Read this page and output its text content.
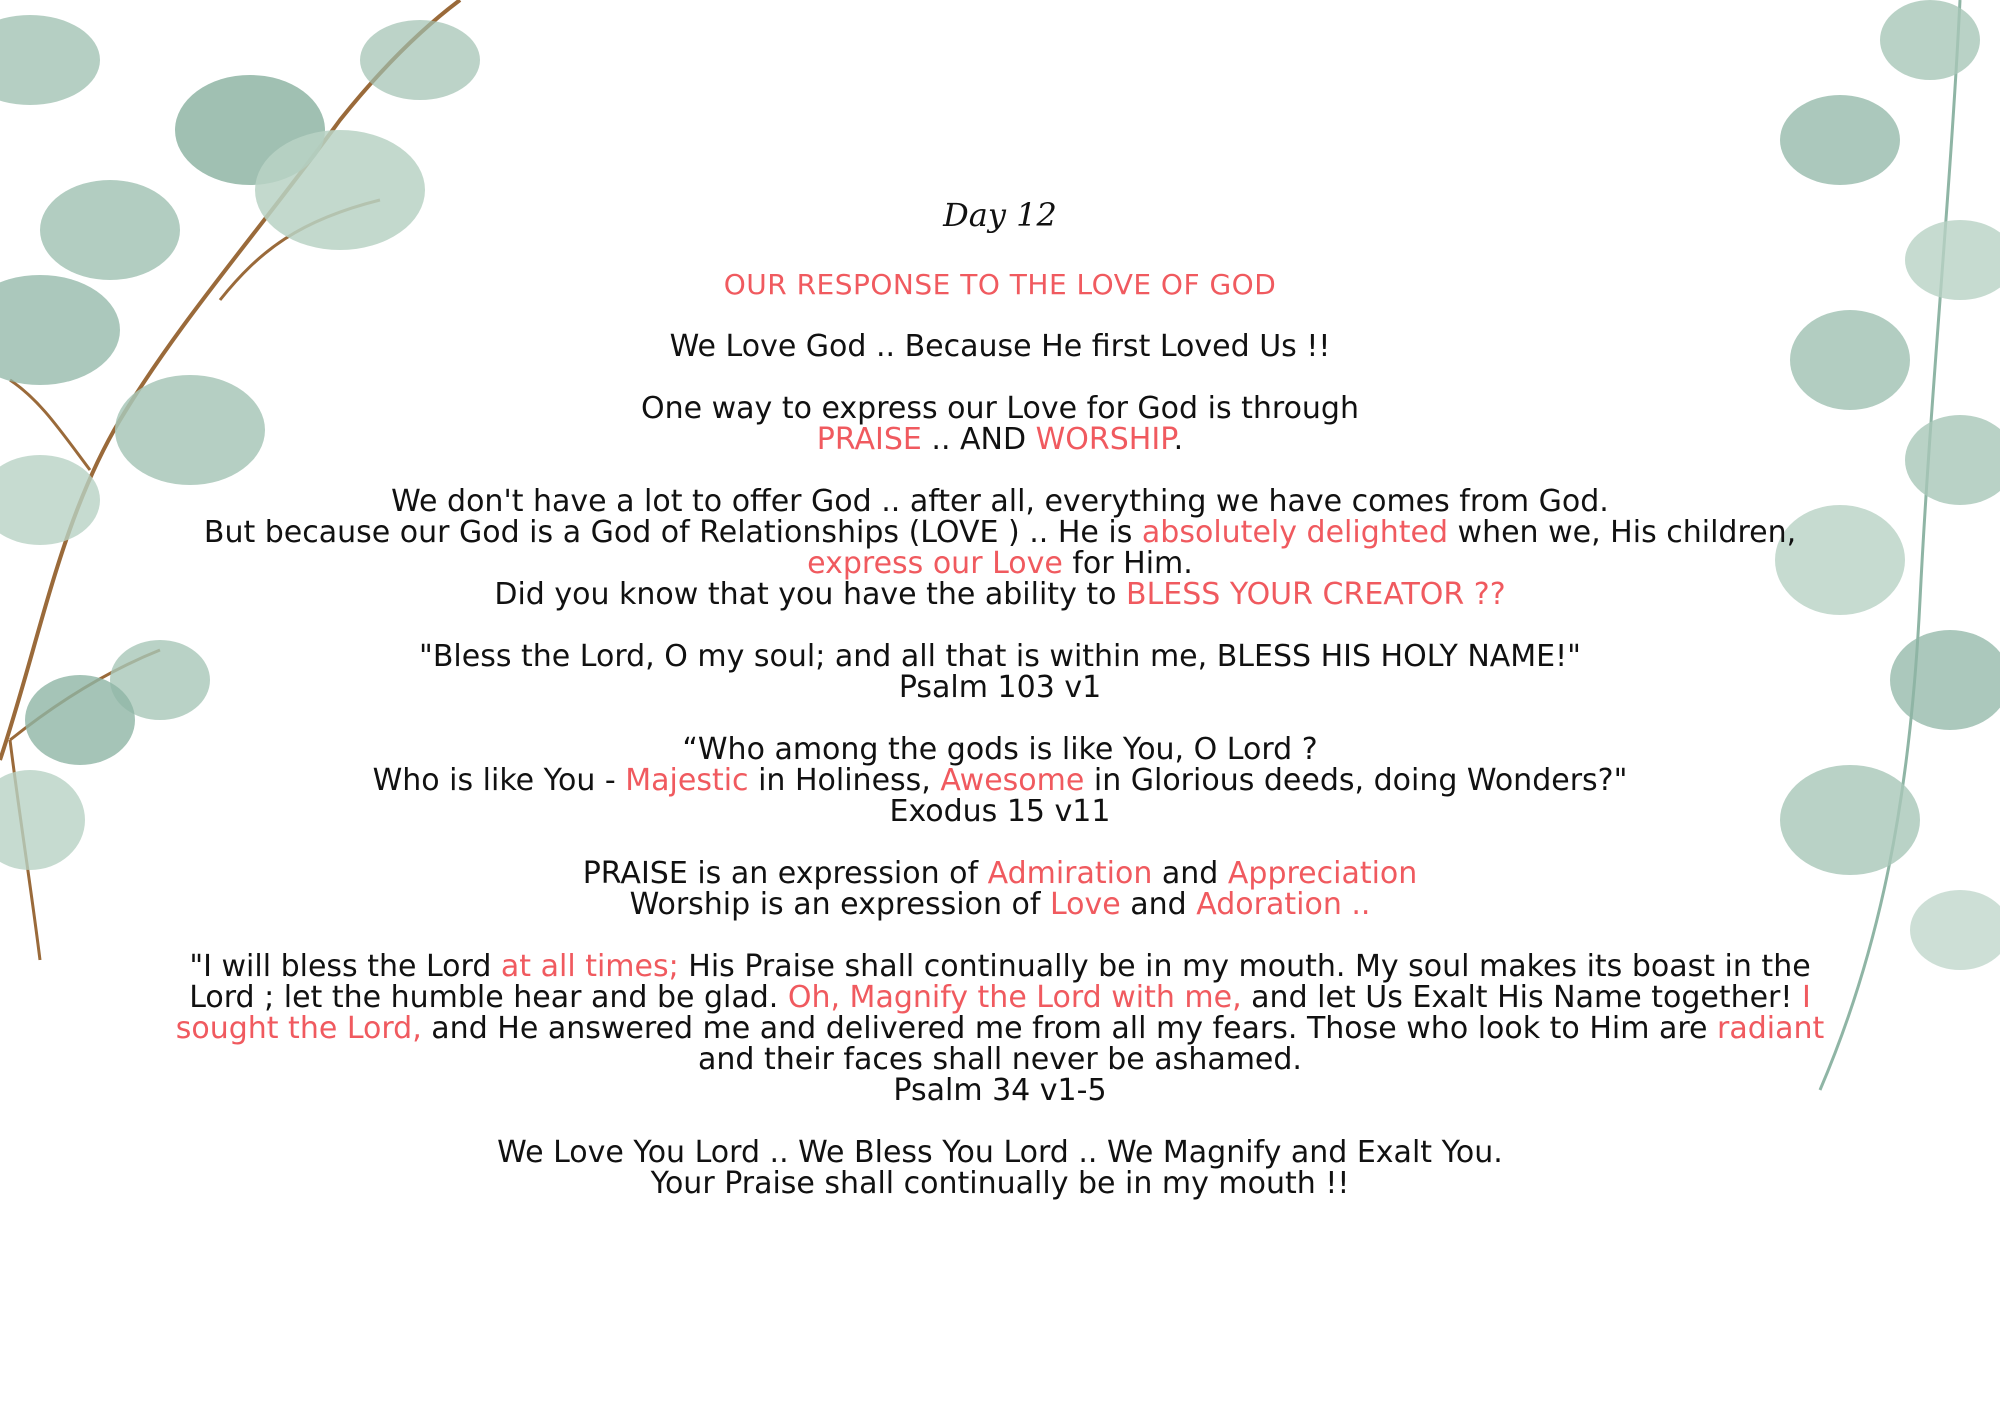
Day 12
OUR RESPONSE TO THE LOVE OF GOD
We Love God .. Because He first Loved Us !!
One way to express our Love for God is through
PRAISE .. AND WORSHIP.
We don't have a lot to offer God .. after all, everything we have comes from God.
But because our God is a God of Relationships (LOVE ) .. He is absolutely delighted when we, His children,
express our Love for Him.
Did you know that you have the ability to BLESS YOUR CREATOR ??
"Bless the Lord, O my soul; and all that is within me, BLESS HIS HOLY NAME!"
Psalm 103 v1
“Who among the gods is like You, O Lord ?
Who is like You - Majestic in Holiness, Awesome in Glorious deeds, doing Wonders?"
Exodus 15 v11
PRAISE is an expression of Admiration and Appreciation
Worship is an expression of Love and Adoration ..
"I will bless the Lord at all times; His Praise shall continually be in my mouth. My soul makes its boast in the Lord ; let the humble hear and be glad. Oh, Magnify the Lord with me, and let Us Exalt His Name together! I sought the Lord, and He answered me and delivered me from all my fears. Those who look to Him are radiant and their faces shall never be ashamed.
Psalm 34 v1-5
We Love You Lord .. We Bless You Lord .. We Magnify and Exalt You.
Your Praise shall continually be in my mouth !!
